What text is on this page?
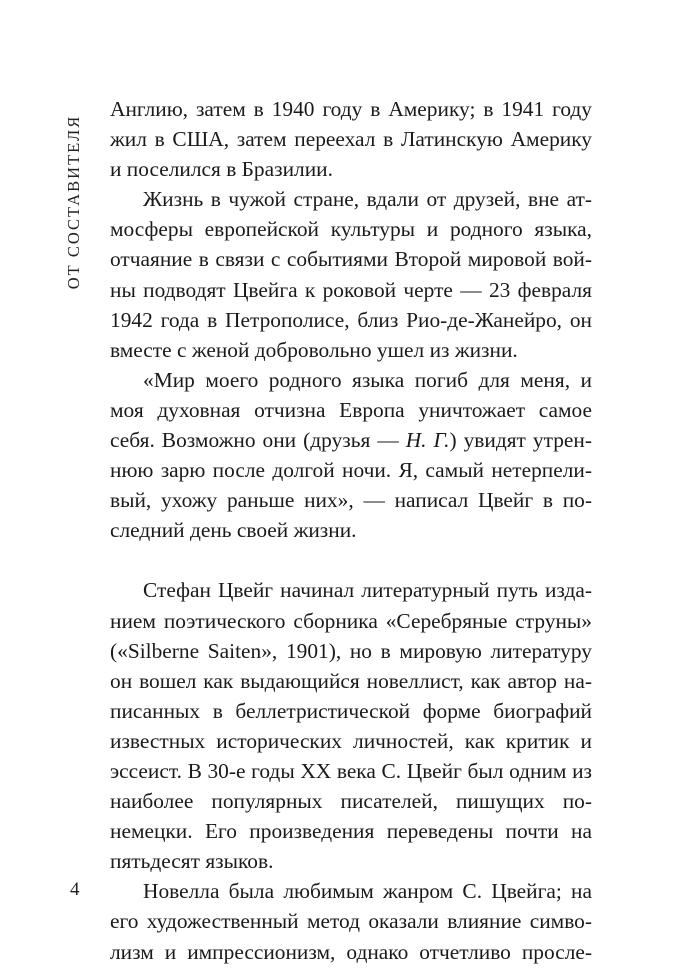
ОТ СОСТАВИТЕЛЯ
Англию, затем в 1940 году в Америку; в 1941 году
жил в США, затем переехал в Латинскую Америку
и поселился в Бразилии.
Жизнь в чужой стране, вдали от друзей, вне ат-
мосферы европейской культуры и родного языка,
отчаяние в связи с событиями Второй мировой вой-
ны подводят Цвейга к роковой черте — 23 февраля
1942 года в Петрополисе, близ Рио-де-Жанейро, он
вместе с женой добровольно ушел из жизни.
«Мир моего родного языка погиб для меня, и
моя духовная отчизна Европа уничтожает самое
себя. Возможно они (друзья — Н. Г.) увидят утрен-
нюю зарю после долгой ночи. Я, самый нетерпели-
вый, ухожу раньше них», — написал Цвейг в по-
следний день своей жизни.
Стефан Цвейг начинал литературный путь изда-
нием поэтического сборника «Серебряные струны»
(«Silberne Saiten», 1901), но в мировую литературу
он вошел как выдающийся новеллист, как автор на-
писанных в беллетристической форме биографий
известных исторических личностей, как критик и
эссеист. В 30-е годы XX века С. Цвейг был одним из
наиболее популярных писателей, пишущих по-
немецки. Его произведения переведены почти на
пятьдесят языков.
Новелла была любимым жанром С. Цвейга; на
его художественный метод оказали влияние симво-
лизм и импрессионизм, однако отчетливо просле-
4
